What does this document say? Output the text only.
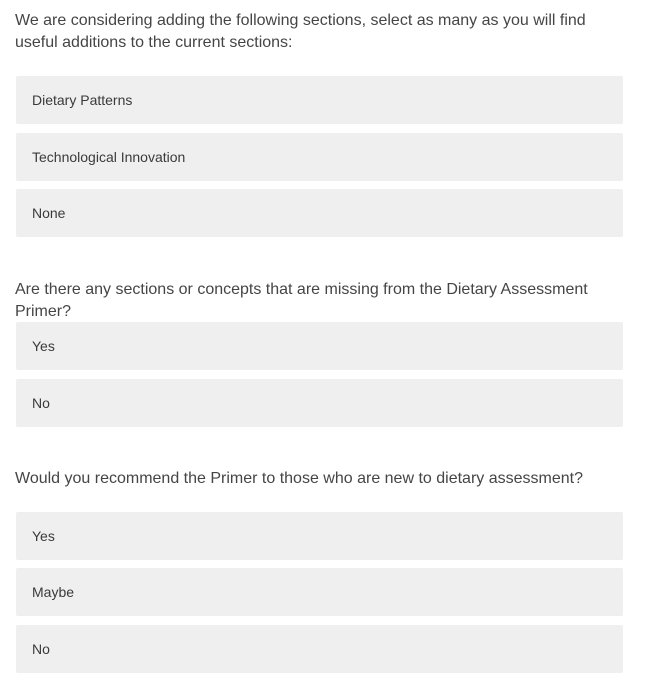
We are considering adding the following sections, select as many as you will find useful additions to the current sections:

Dietary Patterns
Technological Innovation
None

Are there any sections or concepts that are missing from the Dietary Assessment Primer?

Yes
No

Would you recommend the Primer to those who are new to dietary assessment?

Yes
Maybe
No
